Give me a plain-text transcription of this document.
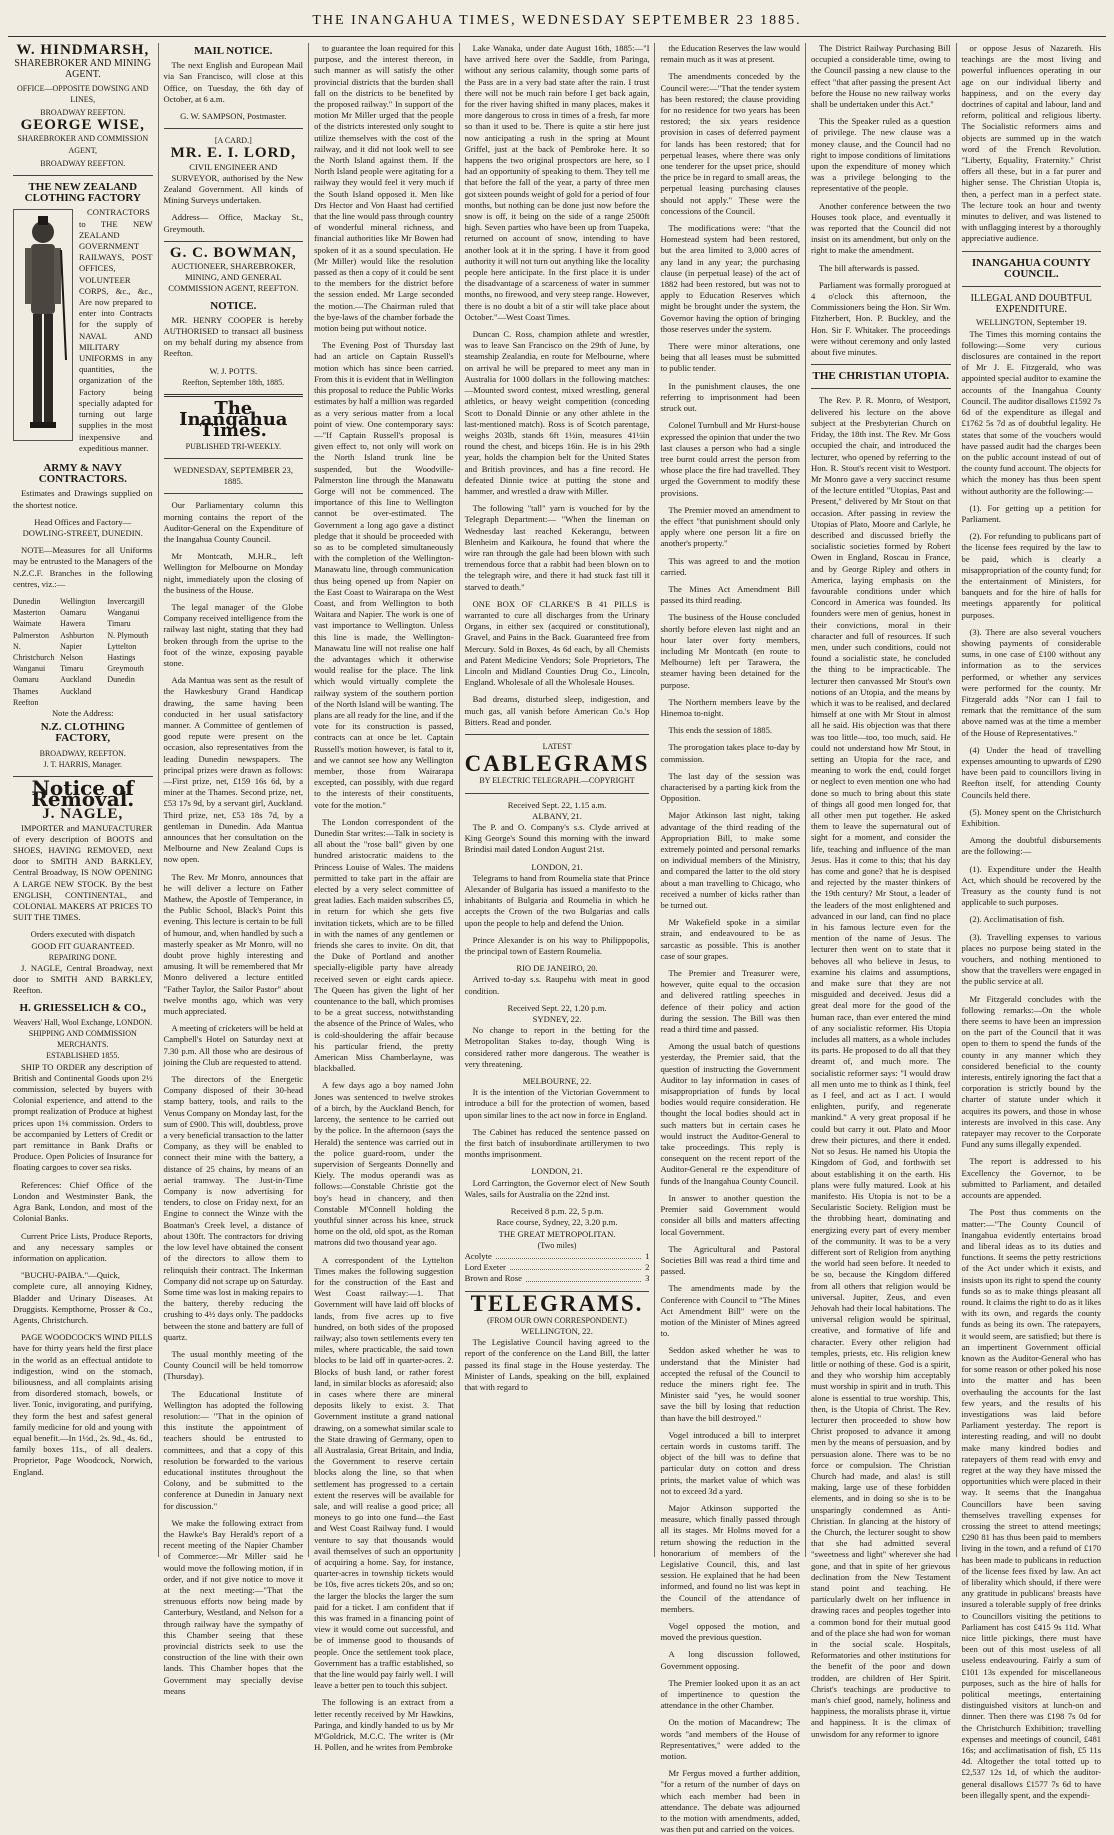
THE INANGAHUA TIMES, WEDNESDAY SEPTEMBER 23 1885.
W. HINDMARSH,
SHAREBROKER AND MINING AGENT.
OFFICE—OPPOSITE DOWSING AND LINES,
BROADWAY REEFTON.
GEORGE WISE,
SHAREBROKER AND COMMISSION AGENT,
BROADWAY REEFTON.
THE NEW ZEALAND CLOTHING FACTORY

CONTRACTORS to THE NEW ZEALAND GOVERNMENT RAILWAYS, POST OFFICES, VOLUNTEER CORPS, &c., &c., Are now prepared to enter into Contracts for the supply of NAVAL AND MILITARY UNIFORMS in any quantities, the organization of the Factory being specially adapted for turning out large supplies in the most inexpensive and expeditious manner.

ARMY & NAVY CONTRACTORS.

Estimates and Drawings supplied on the shortest notice.

Head Offices and Factory—DOWLING-STREET, DUNEDIN.

NOTE—Measures for all Uniforms may be entrusted to the Managers of the N.Z.C.F. Branches in the following centres, viz.:—

Dunedin
Masterton
Waimate
Palmerston N.
Christchurch
Wanganui
Oamaru
Thames
Reefton
Wellington
Oamaru
Hawera
Ashburton
Napier
Nelson
Timaru
Auckland
Auckland
Invercargill
Wanganui
Timaru
N. Plymouth
Lyttelton
Hastings
Greymouth
Dunedin
Note the Address:
N.Z. CLOTHING FACTORY,
BROADWAY, REEFTON.
J. T. HARRIS, Manager.
Notice of Removal.
J. NAGLE,

IMPORTER and MANUFACTURER of every description of BOOTS and SHOES, HAVING REMOVED, next door to SMITH AND BARKLEY, Central Broadway, IS NOW OPENING A LARGE NEW STOCK. By the best ENGLISH, CONTINENTAL, and COLONIAL MAKERS AT PRICES TO SUIT THE TIMES.

Orders executed with dispatch
GOOD FIT GUARANTEED.
REPAIRING DONE.

J. NAGLE, Central Broadway, next door to SMITH AND BARKLEY, Reefton.

H. GRIESSELICH & CO.,
Weavers' Hall, Wool Exchange, LONDON.
SHIPPING AND COMMISSION MERCHANTS.
ESTABLISHED 1855.

SHIP TO ORDER any description of British and Continental Goods upon 2½ commission, selected by buyers with Colonial experience, and attend to the prompt realization of Produce at highest prices upon 1⅛ commission. Orders to be accompanied by Letters of Credit or part remittance in Bank Drafts or Produce. Open Policies of Insurance for floating cargoes to cover sea risks.

References: Chief Office of the London and Westminster Bank, the Agra Bank, London, and most of the Colonial Banks.

Current Price Lists, Produce Reports, and any necessary samples or information on application.

"BUCHU-PAIBA."—Quick, complete cure, all annoying Kidney, Bladder and Urinary Diseases. At Druggists. Kempthorne, Prosser & Co., Agents, Christchurch.

PAGE WOODCOCK'S WIND PILLS have for thirty years held the first place in the world as an effectual antidote to indigestion, wind on the stomach, biliousness, and all complaints arising from disordered stomach, bowels, or liver. Tonic, invigorating, and purifying, they form the best and safest general family medicine for old and young with equal benefit.—In 1½d., 2s. 9d., 4s. 6d., family boxes 11s., of all dealers. Proprietor, Page Woodcock, Norwich, England.

MAIL NOTICE.

The next English and European Mail via San Francisco, will close at this Office, on Tuesday, the 6th day of October, at 6 a.m.

G. W. SAMPSON, Postmaster.
[A CARD.]
MR. E. I. LORD,
CIVIL ENGINEER AND

SURVEYOR, authorised by the New Zealand Government. All kinds of Mining Surveys undertaken.

Address— Office, Mackay St., Greymouth.

G. C. BOWMAN,

AUCTIONEER, SHAREBROKER, MINING, AND GENERAL COMMISSION AGENT, REEFTON.

NOTICE.

MR. HENRY COOPER is hereby AUTHORISED to transact all business on my behalf during my absence from Reefton.

W. J. POTTS.
Reefton, September 18th, 1885.
The Inangahua Times.
PUBLISHED TRI-WEEKLY.
WEDNESDAY, SEPTEMBER 23, 1885.

Our Parliamentary column this morning contains the report of the Auditor-General on the Expenditure of the Inangahua County Council.

Mr Montcath, M.H.R., left Wellington for Melbourne on Monday night, immediately upon the closing of the business of the House.

The legal manager of the Globe Company received intelligence from the railway last night, stating that they had broken through from the uprise to the foot of the winze, exposing payable stone.

Ada Mantua was sent as the result of the Hawkesbury Grand Handicap drawing, the same having been conducted in her usual satisfactory manner. A Committee of gentlemen of good repute were present on the occasion, also representatives from the leading Dunedin newspapers. The principal prizes were drawn as follows:—First prize, net, £159 16s 6d, by a miner at the Thames. Second prize, net, £53 17s 9d, by a servant girl, Auckland. Third prize, net, £53 18s 7d, by a gentleman in Dunedin. Ada Mantua announces that her consultation on the Melbourne and New Zealand Cups is now open.

The Rev. Mr Monro, announces that he will deliver a lecture on Father Mathew, the Apostle of Temperance, in the Public School, Black's Point this evening. This lecture is certain to be full of humour, and, when handled by such a masterly speaker as Mr Monro, will no doubt prove highly interesting and amusing. It will be remembered that Mr Monro delivered a lecture entitled "Father Taylor, the Sailor Pastor" about twelve months ago, which was very much appreciated.

A meeting of cricketers will be held at Campbell's Hotel on Saturday next at 7.30 p.m. All those who are desirous of joining the Club are requested to attend.

The directors of the Energetic Company disposed of their 30-head stamp battery, tools, and rails to the Venus Company on Monday last, for the sum of £900. This will, doubtless, prove a very beneficial transaction to the latter Company, as they will be enabled to connect their mine with the battery, a distance of 25 chains, by means of an aerial tramway. The Just-in-Time Company is now advertising for tenders, to close on Friday next, for an Engine to connect the Winze with the Boatman's Creek level, a distance of about 130ft. The contractors for driving the low level have obtained the consent of the directors to allow them to relinquish their contract. The Inkerman Company did not scrape up on Saturday. Some time was lost in making repairs to the battery, thereby reducing the crushing to 4½ days only. The paddocks between the stone and battery are full of quartz.

The usual monthly meeting of the County Council will be held tomorrow (Thursday).

The Educational Institute of Wellington has adopted the following resolution:— "That in the opinion of this institute the appointment of teachers should be entrusted to committees, and that a copy of this resolution be forwarded to the various educational institutes throughout the Colony, and be submitted to the conference at Dunedin in January next for discussion."

We make the following extract from the Hawke's Bay Herald's report of a recent meeting of the Napier Chamber of Commerce:—Mr Miller said he would move the following motion, if in order, and if not give notice to move it at the next meeting:—"That the strenuous efforts now being made by Canterbury, Westland, and Nelson for a through railway have the sympathy of this Chamber seeing that these provincial districts seek to use the construction of the line with their own lands. This Chamber hopes that the Government may specially devise means

to guarantee the loan required for this purpose, and the interest thereon, in such manner as will satisfy the other provincial districts that the burden shall fall on the districts to be benefited by the proposed railway." In support of the motion Mr Miller urged that the people of the districts interested only sought to utilize themselves with the cost of the railway, and it did not look well to see the North Island against them. If the North Island people were agitating for a railway they would feel it very much if the South Island opposed it. Men like Drs Hector and Von Haast had certified that the line would pass through country of wonderful mineral richness, and financial authorities like Mr Bowen had spoken of it as a sound speculation. He (Mr Miller) would like the resolution passed as then a copy of it could be sent to the members for the district before the session ended. Mr Large seconded the motion.—The Chairman ruled that the bye-laws of the chamber forbade the motion being put without notice.

The Evening Post of Thursday last had an article on Captain Russell's motion which has since been carried. From this it is evident that in Wellington this proposal to reduce the Public Works estimates by half a million was regarded as a very serious matter from a local point of view. One contemporary says:—"If Captain Russell's proposal is given effect to, not only will work on the North Island trunk line be suspended, but the Woodville-Palmerston line through the Manawatu Gorge will not be commenced. The importance of this line to Wellington cannot be over-estimated. The Government a long ago gave a distinct pledge that it should be proceeded with so as to be completed simultaneously with the completion of the Wellington-Manawatu line, through communication thus being opened up from Napier on the East Coast to Wairarapa on the West Coast, and from Wellington to both Waitara and Napier. The work is one of vast importance to Wellington. Unless this line is made, the Wellington-Manawatu line will not realise one half the advantages which it otherwise would realise for the place. The link which would virtually complete the railway system of the southern portion of the North Island will be wanting. The plans are all ready for the line, and if the vote for its construction is passed, contracts can at once be let. Captain Russell's motion however, is fatal to it, and we cannot see how any Wellington member, those from Wairarapa excepted, can possibly, with due regard to the interests of their constituents, vote for the motion."

The London correspondent of the Dunedin Star writes:—Talk in society is all about the "rose ball" given by one hundred aristocratic maidens to the Princess Louise of Wales. The maidens permitted to take part in the affair are elected by a very select committee of great ladies. Each maiden subscribes £5, in return for which she gets five invitation tickets, which are to be filled in with the names of any gentlemen or friends she cares to invite. On dit, that the Duke of Portland and another specially-eligible party have already received seven or eight cards apiece. The Queen has given the light of her countenance to the ball, which promises to be a great success, notwithstanding the absence of the Prince of Wales, who is cold-shouldering the affair because his particular friend, the pretty American Miss Chamberlayne, was blackballed.

A few days ago a boy named John Jones was sentenced to twelve strokes of a birch, by the Auckland Bench, for larceny, the sentence to be carried out by the police. In the afternoon (says the Herald) the sentence was carried out in the police guard-room, under the supervision of Sergeants Donnelly and Kiely. The modus operandi was as follows:—Constable Christie got the boy's head in chancery, and then Constable M'Connell holding the youthful sinner across his knee, struck home on the old, old spot, as the Roman matrons did two thousand year ago.

A correspondent of the Lyttelton Times makes the following suggestion for the construction of the East and West Coast railway:—1. That Government will have laid off blocks of lands, from five acres up to five hundred, on both sides of the proposed railway; also town settlements every ten miles, where practicable, the said town blocks to be laid off in quarter-acres. 2. Blocks of bush land, or rather forest land, in similar blocks as aforesaid; also in cases where there are mineral deposits likely to exist. 3. That Government institute a grand national drawing, on a somewhat similar scale to the State drawing of Germany, open to all Australasia, Great Britain, and India, the Government to reserve certain blocks along the line, so that when settlement has progressed to a certain extent the reserves will be available for sale, and will realise a good price; all moneys to go into one fund—the East and West Coast Railway fund. I would venture to say that thousands would avail themselves of such an opportunity of acquiring a home. Say, for instance, quarter-acres in township tickets would be 10s, five acres tickets 20s, and so on; the larger the blocks the larger the sum paid for a ticket. I am confident that if this was framed in a financing point of view it would come out successful, and be of immense good to thousands of people. Once the settlement took place, Government has a traffic established, so that the line would pay fairly well. I will leave a better pen to touch this subject.

The following is an extract from a letter recently received by Mr Hawkins, Paringa, and kindly handed to us by Mr M'Goldrick, M.C.C. The writer is (Mr H. Pollen, and he writes from Pembroke

Lake Wanaka, under date August 16th, 1885:—"I have arrived here over the Saddle, from Paringa, without any serious calamity, though some parts of the Pass are in a very bad state after the rain. I trust there will not be much rain before I get back again, for the river having shifted in many places, makes it more dangerous to cross in times of a fresh, far more so than it used to be. There is quite a stir here just now anticipating a rush in the spring at Mount Griffel, just at the back of Pembroke here. It so happens the two original prospectors are here, so I had an opportunity of speaking to them. They tell me that before the fall of the year, a party of three men got sixteen pounds weight of gold for a period of four months, but nothing can be done just now before the snow is off, it being on the side of a range 2500ft high. Seven parties who have been up from Tuapeka, returned on account of snow, intending to have another look at it in the spring. I have it from good authority it will not turn out anything like the locality people here anticipate. In the first place it is under the disadvantage of a scarceness of water in summer months, no firewood, and very steep range. However, there is no doubt a bit of a stir will take place about October."—West Coast Times.

Duncan C. Ross, champion athlete and wrestler, was to leave San Francisco on the 29th of June, by steamship Zealandia, en route for Melbourne, where on arrival he will be prepared to meet any man in Australia for 1000 dollars in the following matches:—Mounted sword contest, mixed wrestling, general athletics, or heavy weight competition (conceding Scott to Donald Dinnie or any other athlete in the last-mentioned match). Ross is of Scotch parentage, weighs 203lb, stands 6ft 1½in, measures 41½in round the chest, and biceps 16in. He is in his 29th year, holds the champion belt for the United States and British provinces, and has a fine record. He defeated Dinnie twice at putting the stone and hammer, and wrestled a draw with Miller.

The following "tall" yarn is vouched for by the Telegraph Department:— "When the lineman on Wednesday last reached Kekerangu, between Blenheim and Kaikoura, he found that where the wire ran through the gale had been blown with such tremendous force that a rabbit had been blown on to the telegraph wire, and there it had stuck fast till it starved to death."

ONE BOX OF CLARKE'S B 41 PILLS is warranted to cure all discharges from the Urinary Organs, in either sex (acquired or constitutional), Gravel, and Pains in the Back. Guaranteed free from Mercury. Sold in Boxes, 4s 6d each, by all Chemists and Patent Medicine Vendors; Sole Proprietors, The Lincoln and Midland Counties Drug Co., Lincoln, England. Wholesale of all the Wholesale Houses.

Bad dreams, disturbed sleep, indigestion, and much gas, all vanish before American Co.'s Hop Bitters. Read and ponder.

LATEST
CABLEGRAMS
BY ELECTRIC TELEGRAPH.—COPYRIGHT
Received Sept. 22, 1.15 a.m.
ALBANY, 21.

The P. and O. Company's s.s. Clyde arrived at King George's Sound this morning with the inward Brindisi mail dated London August 21st.

LONDON, 21.

Telegrams to hand from Roumelia state that Prince Alexander of Bulgaria has issued a manifesto to the inhabitants of Bulgaria and Roumelia in which he accepts the Crown of the two Bulgarias and calls upon the people to help and defend the Union.

Prince Alexander is on his way to Philippopolis, the principal town of Eastern Roumelia.

RIO DE JANEIRO, 20.

Arrived to-day s.s. Raupehu with meat in good condition.

Received Sept. 22, 1.20 p.m.
SYDNEY, 22.

No change to report in the betting for the Metropolitan Stakes to-day, though Wing is considered rather more dangerous. The weather is very threatening.

MELBOURNE, 22.

It is the intention of the Victorian Government to introduce a bill for the protection of women, based upon similar lines to the act now in force in England.

The Cabinet has reduced the sentence passed on the first batch of insubordinate artillerymen to two months imprisonment.

LONDON, 21.

Lord Carrington, the Governor elect of New South Wales, sails for Australia on the 22nd inst.

Received 8 p.m. 22, 5 p.m.
Race course, Sydney, 22, 3.20 p.m.
THE GREAT METROPOLITAN.
(Two miles)
Acolyte	1
Lord Exeter	2
Brown and Rose	3
TELEGRAMS.
(FROM OUR OWN CORRESPONDENT.)
WELLINGTON, 22.

The Legislative Council having agreed to the report of the conference on the Land Bill, the latter passed its final stage in the House yesterday. The Minister of Lands, speaking on the bill, explained that with regard to

the Education Reserves the law would remain much as it was at present.

The amendments conceded by the Council were:—"That the tender system has been restored; the clause providing for no residence for two years has been restored; the six years residence provision in cases of deferred payment for lands has been restored; that for perpetual leases, where there was only one tenderer for the upset price, should the price be in regard to small areas, the perpetual leasing purchasing clauses should not apply." These were the concessions of the Council.

The modifications were: "that the Homestead system had been restored, but the area limited to 3,000 acres of any land in any year; the purchasing clause (in perpetual lease) of the act of 1882 had been restored, but was not to apply to Education Reserves which might be brought under the system, the Governor having the option of bringing those reserves under the system.

There were minor alterations, one being that all leases must be submitted to public tender.

In the punishment clauses, the one referring to imprisonment had been struck out.

Colonel Turnbull and Mr Hurst-house expressed the opinion that under the two last clauses a person who had a single tree burnt could arrest the person from whose place the fire had travelled. They urged the Government to modify these provisions.

The Premier moved an amendment to the effect "that punishment should only apply where one person lit a fire on another's property."

This was agreed to and the motion carried.

The Mines Act Amendment Bill passed its third reading.

The business of the House concluded shortly before eleven last night and an hour later over forty members, including Mr Montcath (en route to Melbourne) left per Tarawera, the steamer having been detained for the purpose.

The Northern members leave by the Hinemoa to-night.

This ends the session of 1885.

The prorogation takes place to-day by commission.

The last day of the session was characterised by a parting kick from the Opposition.

Major Atkinson last night, taking advantage of the third reading of the Appropriation Bill, to make some extremely pointed and personal remarks on individual members of the Ministry, and compared the latter to the old story about a man travelling to Chicago, who received a number of kicks rather than be turned out.

Mr Wakefield spoke in a similar strain, and endeavoured to be as sarcastic as possible. This is another case of sour grapes.

The Premier and Treasurer were, however, quite equal to the occasion and delivered rattling speeches in defence of their policy and action during the session. The Bill was then read a third time and passed.

Among the usual batch of questions yesterday, the Premier said, that the question of instructing the Government Auditor to lay information in cases of misappropriation of funds by local bodies would require consideration. He thought the local bodies should act in such matters but in certain cases he would instruct the Auditor-General to take proceedings. This reply is consequent on the recent report of the Auditor-General re the expenditure of funds of the Inangahua County Council.

In answer to another question the Premier said Government would consider all bills and matters affecting local Government.

The Agricultural and Pastoral Societies Bill was read a third time and passed.

The amendments made by the Conference with Council to "The Mines Act Amendment Bill" were on the motion of the Minister of Mines agreed to.

Seddon asked whether he was to understand that the Minister had accepted the refusal of the Council to reduce the miners right fee. The Minister said "yes, he would sooner save the bill by losing that reduction than have the bill destroyed."

Vogel introduced a bill to interpret certain words in customs tariff. The object of the bill was to define that particular duty on cotton and dress prints, the market value of which was not to exceed 3d a yard.

Major Atkinson supported the measure, which finally passed through all its stages. Mr Holms moved for a return showing the reduction in the honorarium of members of the Legislative Council, this, and last session. He explained that he had been informed, and found no list was kept in the Council of the attendance of members.

Vogel opposed the motion, and moved the previous question.

A long discussion followed, Government opposing.

The Premier looked upon it as an act of impertinence to question the attendance in the other Chamber.

On the motion of Macandrew; The words "and members of the House of Representatives," were added to the motion.

Mr Fergus moved a further addition, "for a return of the number of days on which each member had been in attendance. The debate was adjourned to the motion with amendments, added, was then put and carried on the voices.

The District Railway Purchasing Bill occupied a considerable time, owing to the Council passing a new clause to the effect "that after passing the present Act before the House no new railway works shall be undertaken under this Act."

This the Speaker ruled as a question of privilege. The new clause was a money clause, and the Council had no right to impose conditions of limitations upon the expenditure of money which was a privilege belonging to the representative of the people.

Another conference between the two Houses took place, and eventually it was reported that the Council did not insist on its amendment, but only on the right to make the amendment.

The bill afterwards is passed.

Parliament was formally prorogued at 4 o'clock this afternoon, the Commissioners being the Hon. Sir Wm. Fitzherbert, Hon. P. Buckley, and the Hon. Sir F. Whitaker. The proceedings were without ceremony and only lasted about five minutes.

THE CHRISTIAN UTOPIA.

The Rev. P. R. Monro, of Westport, delivered his lecture on the above subject at the Presbyterian Church on Friday, the 18th inst. The Rev. Mr Goss occupied the chair, and introduced the lecturer, who opened by referring to the Hon. R. Stout's recent visit to Westport. Mr Monro gave a very succinct resume of the lecture entitled "Utopias, Past and Present," delivered by Mr Stout on that occasion. After passing in review the Utopias of Plato, Moore and Carlyle, he described and discussed briefly the socialistic societies formed by Robert Owen in England, Roscau in France, and by George Ripley and others in America, laying emphasis on the favourable conditions under which Concord in America was founded. Its founders were men of genius, honest in their convictions, moral in their character and full of resources. If such men, under such conditions, could not found a socialistic state, he concluded the thing to be impracticable. The lecturer then canvassed Mr Stout's own notions of an Utopia, and the means by which it was to be realised, and declared himself at one with Mr Stout in almost all he said. His objection was that there was too little—too, too much, said. He could not understand how Mr Stout, in setting an Utopia for the race, and meaning to work the end, could forget or neglect to even mention one who had done so much to bring about this state of things all good men longed for, that all other men put together. He asked them to leave the supernatural out of sight for a moment, and consider the life, teaching and influence of the man Jesus. Has it come to this; that his day has come and gone? that he is despised and rejected by the master thinkers of the 19th century? Mr Stout, a leader of the leaders of the most enlightened and advanced in our land, can find no place in his famous lecture even for the mention of the name of Jesus. The lecturer then went on to state that it behoves all who believe in Jesus, to examine his claims and assumptions, and make sure that they are not misguided and deceived. Jesus did a great deal more for the good of the human race, than ever entered the mind of any socialistic reformer. His Utopia includes all matters, as a whole includes its parts. He proposed to do all that they dreamt of, and much more. The socialistic reformer says: "I would draw all men unto me to think as I think, feel as I feel, and act as I act. I would enlighten, purify, and regenerate mankind." A very great proposal if he could but carry it out. Plato and Moor drew their pictures, and there it ended. Not so Jesus. He named his Utopia the Kingdom of God, and forthwith set about establishing it on the earth. His plans were fully matured. Look at his manifesto. His Utopia is not to be a Secularistic Society. Religion must be the throbbing heart, dominating and energizing every part of every member of the community. It was to be a very different sort of Religion from anything the world had seen before. It needed to be so, because the Kingdom differed from all others that religion would be universal. Jupiter, Zeus, and even Jehovah had their local habitations. The universal religion would be spiritual, creative, and formative of life and character. Every other religion had temples, priests, etc. His religion knew little or nothing of these. God is a spirit, and they who worship him acceptably must worship in spirit and in truth. This alone is essential to true worship. This, then, is the Utopia of Christ. The Rev. lecturer then proceeded to show how Christ proposed to advance it among men by the means of persuasion, and by persuasion alone. There was to be no force or compulsion. The Christian Church had made, and alas! is still making, large use of these forbidden elements, and in doing so she is to be unsparingly condemned as Anti-Christian. In glancing at the history of the Church, the lecturer sought to show that she had admitted several "sweetness and light" wherever she had gone, and that in spite of her grievous declination from the New Testament stand point and teaching. He particularly dwelt on her influence in drawing races and peoples together into a common bond for their mutual good and of the place she had won for woman in the social scale. Hospitals, Reformatories and other institutions for the benefit of the poor and down trodden, are children of Her Spirit. Christ's teachings are productive to man's chief good, namely, holiness and happiness, the moralists phrase it, virtue and happiness. It is the climax of unwisdom for any reformer to ignore

or oppose Jesus of Nazareth. His teachings are the most living and powerful influences operating in our age on our individual liberty and happiness, and on the every day doctrines of capital and labour, land and reform, political and religious liberty. The Socialistic reformers aims and objects are summed up in the watch word of the French Revolution. "Liberty, Equality, Fraternity." Christ offers all these, but in a far purer and higher sense. The Christian Utopia is, then, a perfect man in a perfect state. The lecture took an hour and twenty minutes to deliver, and was listened to with unflagging interest by a thoroughly appreciative audience.

INANGAHUA COUNTY COUNCIL.
ILLEGAL AND DOUBTFUL EXPENDITURE.
WELLINGTON, September 19.

The Times this morning contains the following:—Some very curious disclosures are contained in the report of Mr J. E. Fitzgerald, who was appointed special auditor to examine the accounts of the Inangahua County Council. The auditor disallows £1592 7s 6d of the expenditure as illegal and £1762 5s 7d as of doubtful legality. He states that some of the vouchers would have passed audit had the charges been on the public account instead of out of the county fund account. The objects for which the money has thus been spent without authority are the following:—

(1). For getting up a petition for Parliament.

(2). For refunding to publicans part of the license fees required by the law to be paid, which is clearly a misappropriation of the county fund; for the entertainment of Ministers, for banquets and for the hire of halls for meetings apparently for political purposes.

(3). There are also several vouchers showing payments of considerable sums, in one case of £100 without any information as to the services performed, or whether any services were performed for the county. Mr Fitzgerald adds "Nor can I fail to remark that the remittance of the sum above named was at the time a member of the House of Representatives."

(4) Under the head of travelling expenses amounting to upwards of £290 have been paid to councillors living in Reefton itself, for attending County Councils held there.

(5). Money spent on the Christchurch Exhibition.

Among the doubtful disbursements are the following:—

(1). Expenditure under the Health Act, which should be recovered by the Treasury as the county fund is not applicable to such purposes.

(2). Acclimatisation of fish.

(3). Travelling expenses to various places no purpose being stated in the vouchers, and nothing mentioned to show that the travellers were engaged in the public service at all.

Mr Fitzgerald concludes with the following remarks:—On the whole there seems to have been an impression on the part of the Council that it was open to them to spend the funds of the county in any manner which they considered beneficial to the county interests, entirely ignoring the fact that a corporation is strictly bound by the charter of statute under which it acquires its powers, and those in whose interests are involved in this case. Any ratepayer may recover to the Corporate Fund any sums illegally expended.

The report is addressed to his Excellency the Governor, to be submitted to Parliament, and detailed accounts are appended.

The Post thus comments on the matter:—"The County Council of Inangahua evidently entertains broad and liberal ideas as to its duties and functions. It seems the petty restrictions of the Act under which it exists, and insists upon its right to spend the county funds so as to make things pleasant all round. It claims the right to do as it likes with its own, and regards the county funds as being its own. The ratepayers, it would seem, are satisfied; but there is an impertinent Government official known as the Auditor-General who has for some reason or other poked his nose into the matter and has been overhauling the accounts for the last few years, and the results of his investigations was laid before Parliament yesterday. The report is interesting reading, and will no doubt make many kindred bodies and ratepayers of them read with envy and regret at the way they have missed the opportunities which were placed in their way. It seems that the Inangahua Councillors have been saving themselves travelling expenses for crossing the street to attend meetings; £290 81 has thus been paid to members living in the town, and a refund of £170 has been made to publicans in reduction of the license fees fixed by law. An act of liberality which should, if there were any gratitude in publicans' breasts have insured a tolerable supply of free drinks to Councillors visiting the petitions to Parliament has cost £415 9s 11d. What nice little pickings, there must have been out of this most useless of all useless endeavouring. Fairly a sum of £101 13s expended for miscellaneous purposes, such as the hire of halls for political meetings, entertaining distinguished visitors at lunch-on and dinner. Then there was £198 7s 0d for the Christchurch Exhibition; travelling expenses and meetings of council, £481 16s; and acclimatisation of fish, £5 11s 4d. Altogether the total totted up to £2,537 12s 1d, of which the auditor-general disallows £1577 7s 6d to have been illegally spent, and the expendi-
